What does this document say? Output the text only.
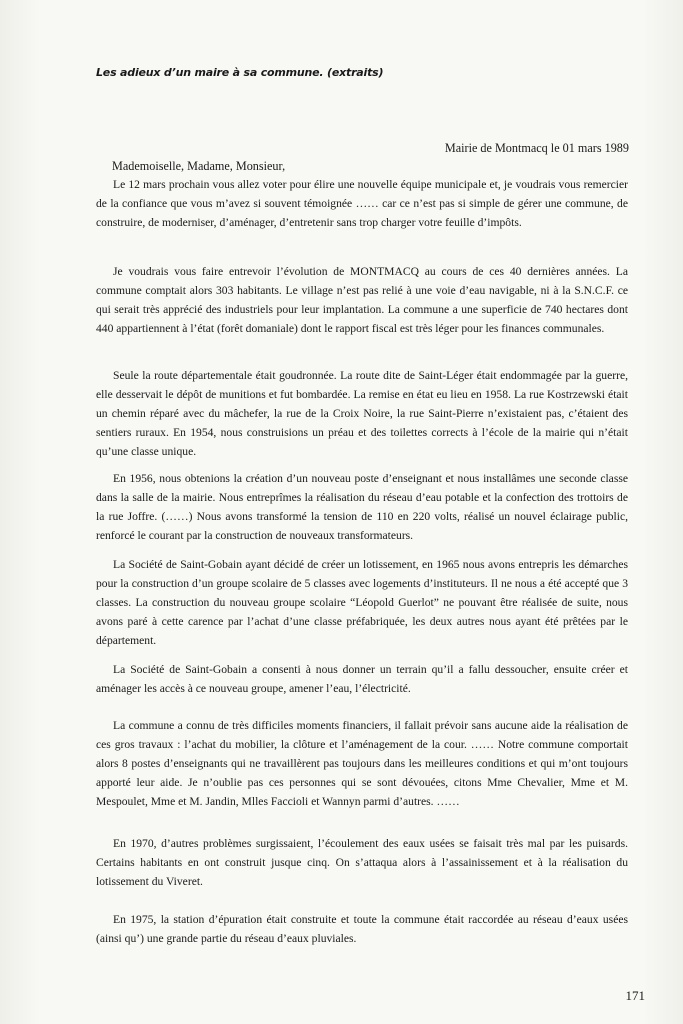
Les adieux d’un maire à sa commune. (extraits)
Mairie de Montmacq le 01 mars 1989
Mademoiselle, Madame, Monsieur,

Le 12 mars prochain vous allez voter pour élire une nouvelle équipe municipale et, je voudrais vous remercier de la confiance que vous m’avez si souvent témoignée …… car ce n’est pas si simple de gérer une commune, de construire, de moderniser, d’aménager, d’entretenir sans trop charger votre feuille d’impôts.

Je voudrais vous faire entrevoir l’évolution de MONTMACQ au cours de ces 40 dernières années. La commune comptait alors 303 habitants. Le village n’est pas relié à une voie d’eau navigable, ni à la S.N.C.F. ce qui serait très apprécié des industriels pour leur implantation. La commune a une superficie de 740 hectares dont 440 appartiennent à l’état (forêt domaniale) dont le rapport fiscal est très léger pour les finances communales.

Seule la route départementale était goudronnée. La route dite de Saint-Léger était endommagée par la guerre, elle desservait le dépôt de munitions et fut bombardée. La remise en état eu lieu en 1958. La rue Kostrzewski était un chemin réparé avec du mâchefer, la rue de la Croix Noire, la rue Saint-Pierre n’existaient pas, c’étaient des sentiers ruraux. En 1954, nous construisions un préau et des toilettes corrects à l’école de la mairie qui n’était qu’une classe unique.

En 1956, nous obtenions la création d’un nouveau poste d’enseignant et nous installâmes une seconde classe dans la salle de la mairie. Nous entreprîmes la réalisation du réseau d’eau potable et la confection des trottoirs de la rue Joffre. (……) Nous avons transformé la tension de 110 en 220 volts, réalisé un nouvel éclairage public, renforcé le courant par la construction de nouveaux transformateurs.

La Société de Saint-Gobain ayant décidé de créer un lotissement, en 1965 nous avons entrepris les démarches pour la construction d’un groupe scolaire de 5 classes avec logements d’instituteurs. Il ne nous a été accepté que 3 classes. La construction du nouveau groupe scolaire “Léopold Guerlot” ne pouvant être réalisée de suite, nous avons paré à cette carence par l’achat d’une classe préfabriquée, les deux autres nous ayant été prêtées par le département.

La Société de Saint-Gobain a consenti à nous donner un terrain qu’il a fallu dessoucher, ensuite créer et aménager les accès à ce nouveau groupe, amener l’eau, l’électricité.

La commune a connu de très difficiles moments financiers, il fallait prévoir sans aucune aide la réalisation de ces gros travaux : l’achat du mobilier, la clôture et l’aménagement de la cour. …… Notre commune comportait alors 8 postes d’enseignants qui ne travaillèrent pas toujours dans les meilleures conditions et qui m’ont toujours apporté leur aide. Je n’oublie pas ces personnes qui se sont dévouées, citons Mme Chevalier, Mme et M. Mespoulet, Mme et M. Jandin, Mlles Faccioli et Wannyn parmi d’autres. ……

En 1970, d’autres problèmes surgissaient, l’écoulement des eaux usées se faisait très mal par les puisards. Certains habitants en ont construit jusque cinq. On s’attaqua alors à l’assainissement et à la réalisation du lotissement du Viveret.

En 1975, la station d’épuration était construite et toute la commune était raccordée au réseau d’eaux usées (ainsi qu’) une grande partie du réseau d’eaux pluviales.

171
